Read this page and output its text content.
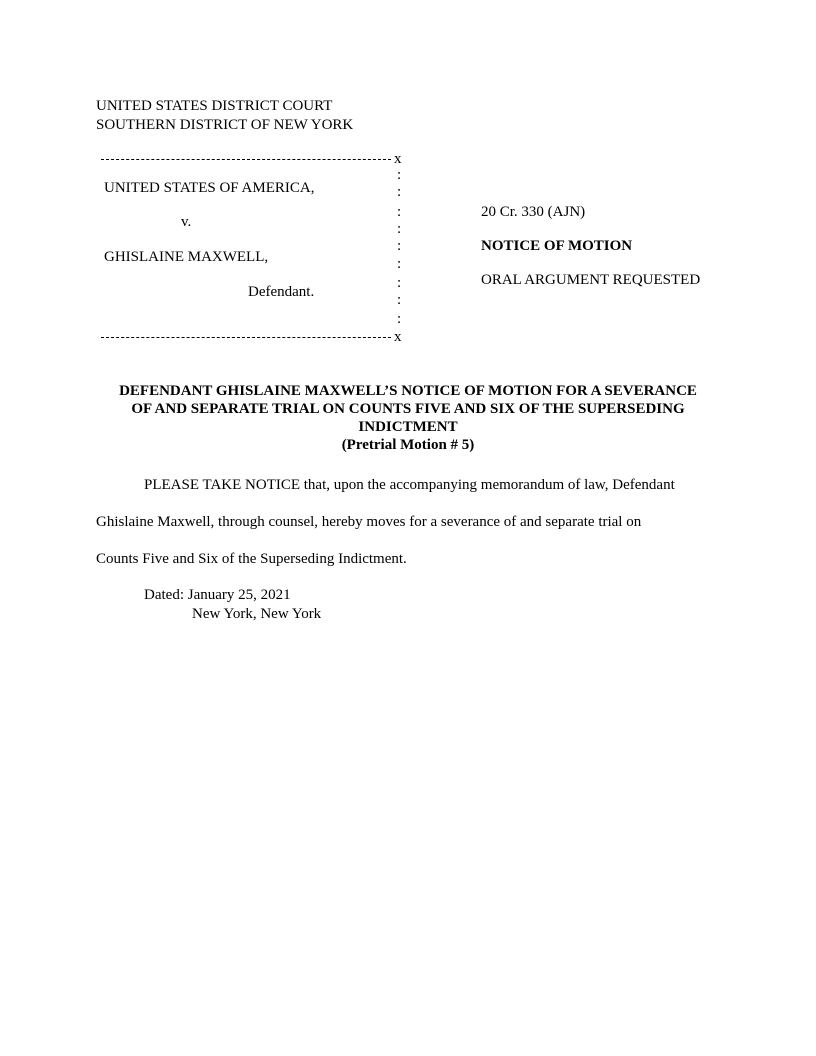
UNITED STATES DISTRICT COURT
SOUTHERN DISTRICT OF NEW YORK
x
:
:
:
:
:
:
:
:
:
UNITED STATES OF AMERICA,
v.
GHISLAINE MAXWELL,
Defendant.
x
20 Cr. 330 (AJN)
NOTICE OF MOTION
ORAL ARGUMENT REQUESTED
DEFENDANT GHISLAINE MAXWELL’S NOTICE OF MOTION FOR A SEVERANCE
OF AND SEPARATE TRIAL ON COUNTS FIVE AND SIX OF THE SUPERSEDING
INDICTMENT
(Pretrial Motion # 5)
PLEASE TAKE NOTICE that, upon the accompanying memorandum of law, Defendant
Ghislaine Maxwell, through counsel, hereby moves for a severance of and separate trial on
Counts Five and Six of the Superseding Indictment.
Dated: January 25, 2021
New York, New York
